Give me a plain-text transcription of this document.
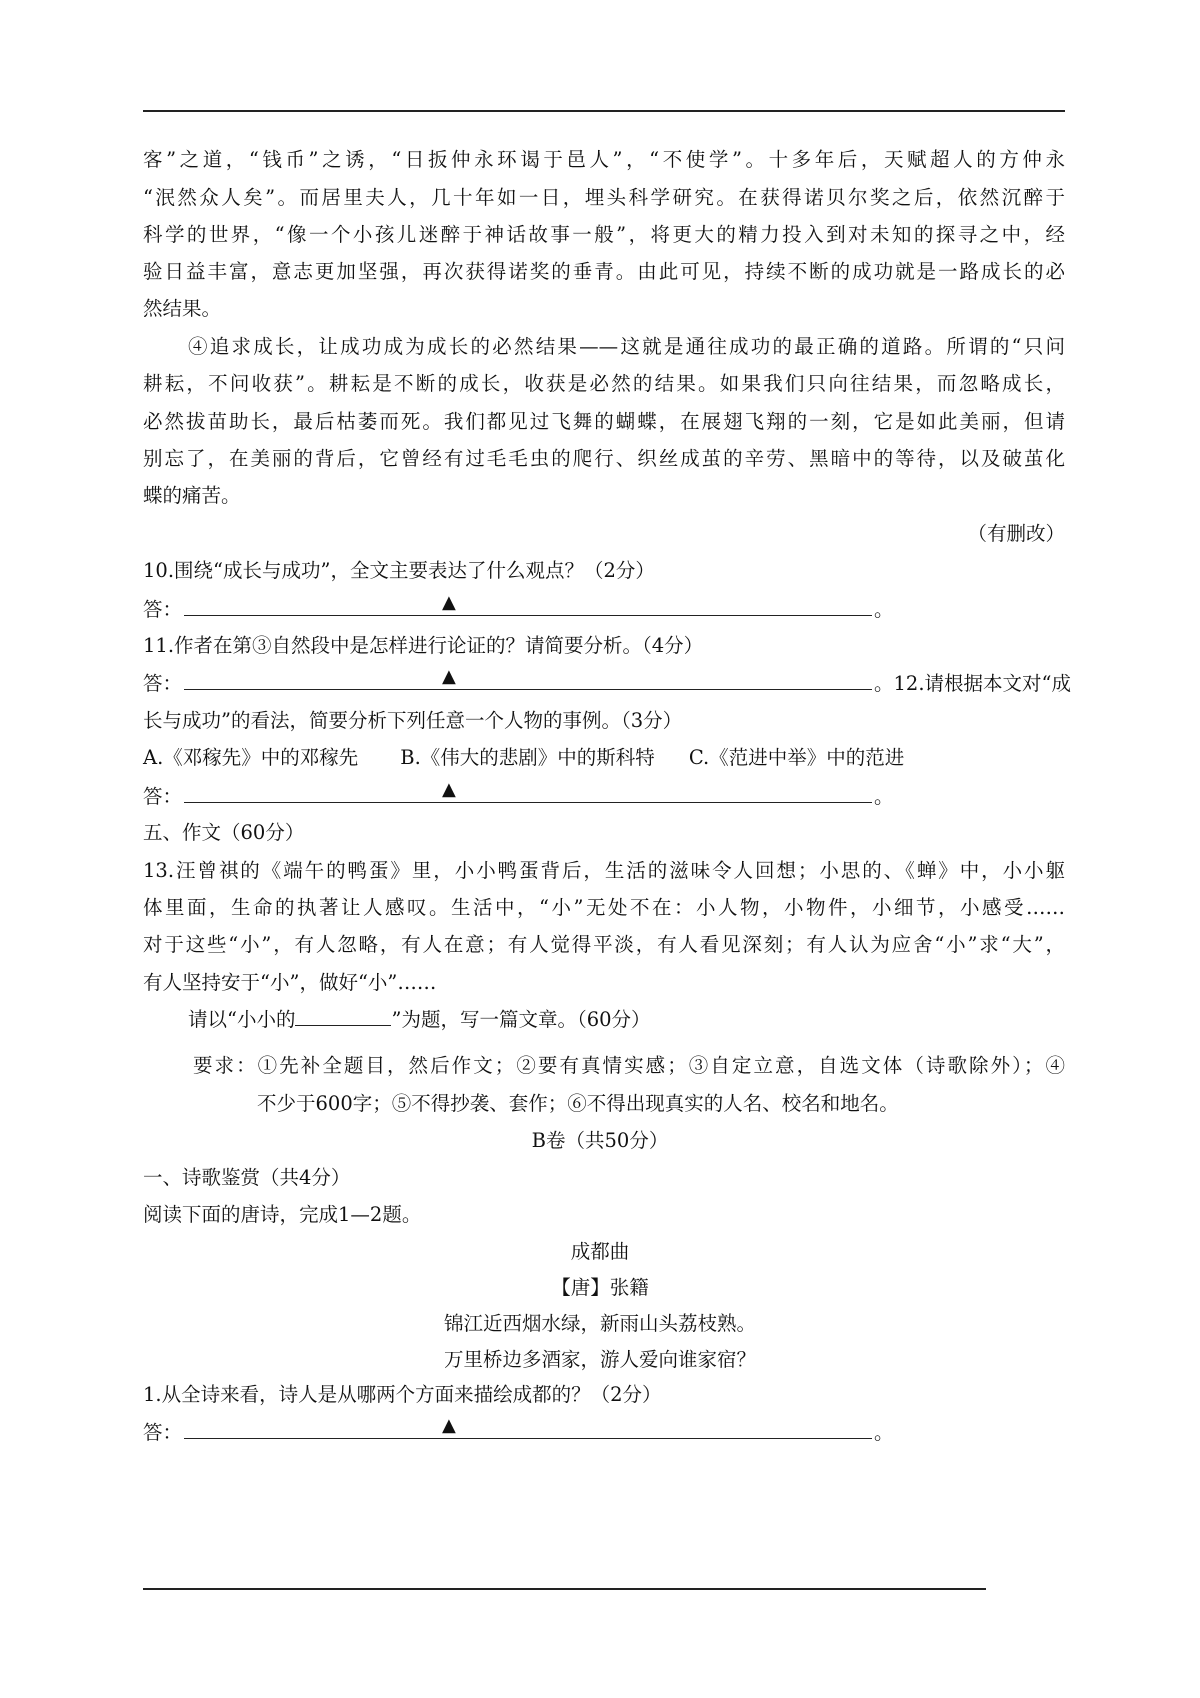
客”之道，“钱币”之诱，“日扳仲永环谒于邑人”，“不使学”。十多年后，天赋超人的方仲永
“泯然众人矣”。而居里夫人，几十年如一日，埋头科学研究。在获得诺贝尔奖之后，依然沉醉于
科学的世界，“像一个小孩儿迷醉于神话故事一般”，将更大的精力投入到对未知的探寻之中，经
验日益丰富，意志更加坚强，再次获得诺奖的垂青。由此可见，持续不断的成功就是一路成长的必
然结果。
④追求成长，让成功成为成长的必然结果——这就是通往成功的最正确的道路。所谓的“只问
耕耘，不问收获”。耕耘是不断的成长，收获是必然的结果。如果我们只向往结果，而忽略成长，
必然拔苗助长，最后枯萎而死。我们都见过飞舞的蝴蝶，在展翅飞翔的一刻，它是如此美丽，但请
别忘了，在美丽的背后，它曾经有过毛毛虫的爬行、织丝成茧的辛劳、黑暗中的等待，以及破茧化
蝶的痛苦。
（有删改）
10.围绕“成长与成功”，全文主要表达了什么观点？（2分）
答：	▲	。
11.作者在第③自然段中是怎样进行论证的？请简要分析。（4分）
答：	▲	。12.请根据本文对“成
长与成功”的看法，简要分析下列任意一个人物的事例。（3分）
A.《邓稼先》中的邓稼先 B.《伟大的悲剧》中的斯科特 C.《范进中举》中的范进
答：	▲	。
五、作文（60分）
13.汪曾祺的《端午的鸭蛋》里，小小鸭蛋背后，生活的滋味令人回想；小思的、《蝉》中，小小躯
体里面，生命的执著让人感叹。生活中，“小”无处不在：小人物，小物件，小细节，小感受……
对于这些“小”，有人忽略，有人在意；有人觉得平淡，有人看见深刻；有人认为应舍“小”求“大”，
有人坚持安于“小”，做好“小”……
请以“小小的	”为题，写一篇文章。（60分）
要求：①先补全题目，然后作文；②要有真情实感；③自定立意，自选文体（诗歌除外）；④
不少于600字；⑤不得抄袭、套作；⑥不得出现真实的人名、校名和地名。
B卷（共50分）
一、诗歌鉴赏（共4分）
阅读下面的唐诗，完成1—2题。
成都曲
【唐】张籍
锦江近西烟水绿，新雨山头荔枝熟。
万里桥边多酒家，游人爱向谁家宿？
1.从全诗来看，诗人是从哪两个方面来描绘成都的？（2分）
答：	▲	。
